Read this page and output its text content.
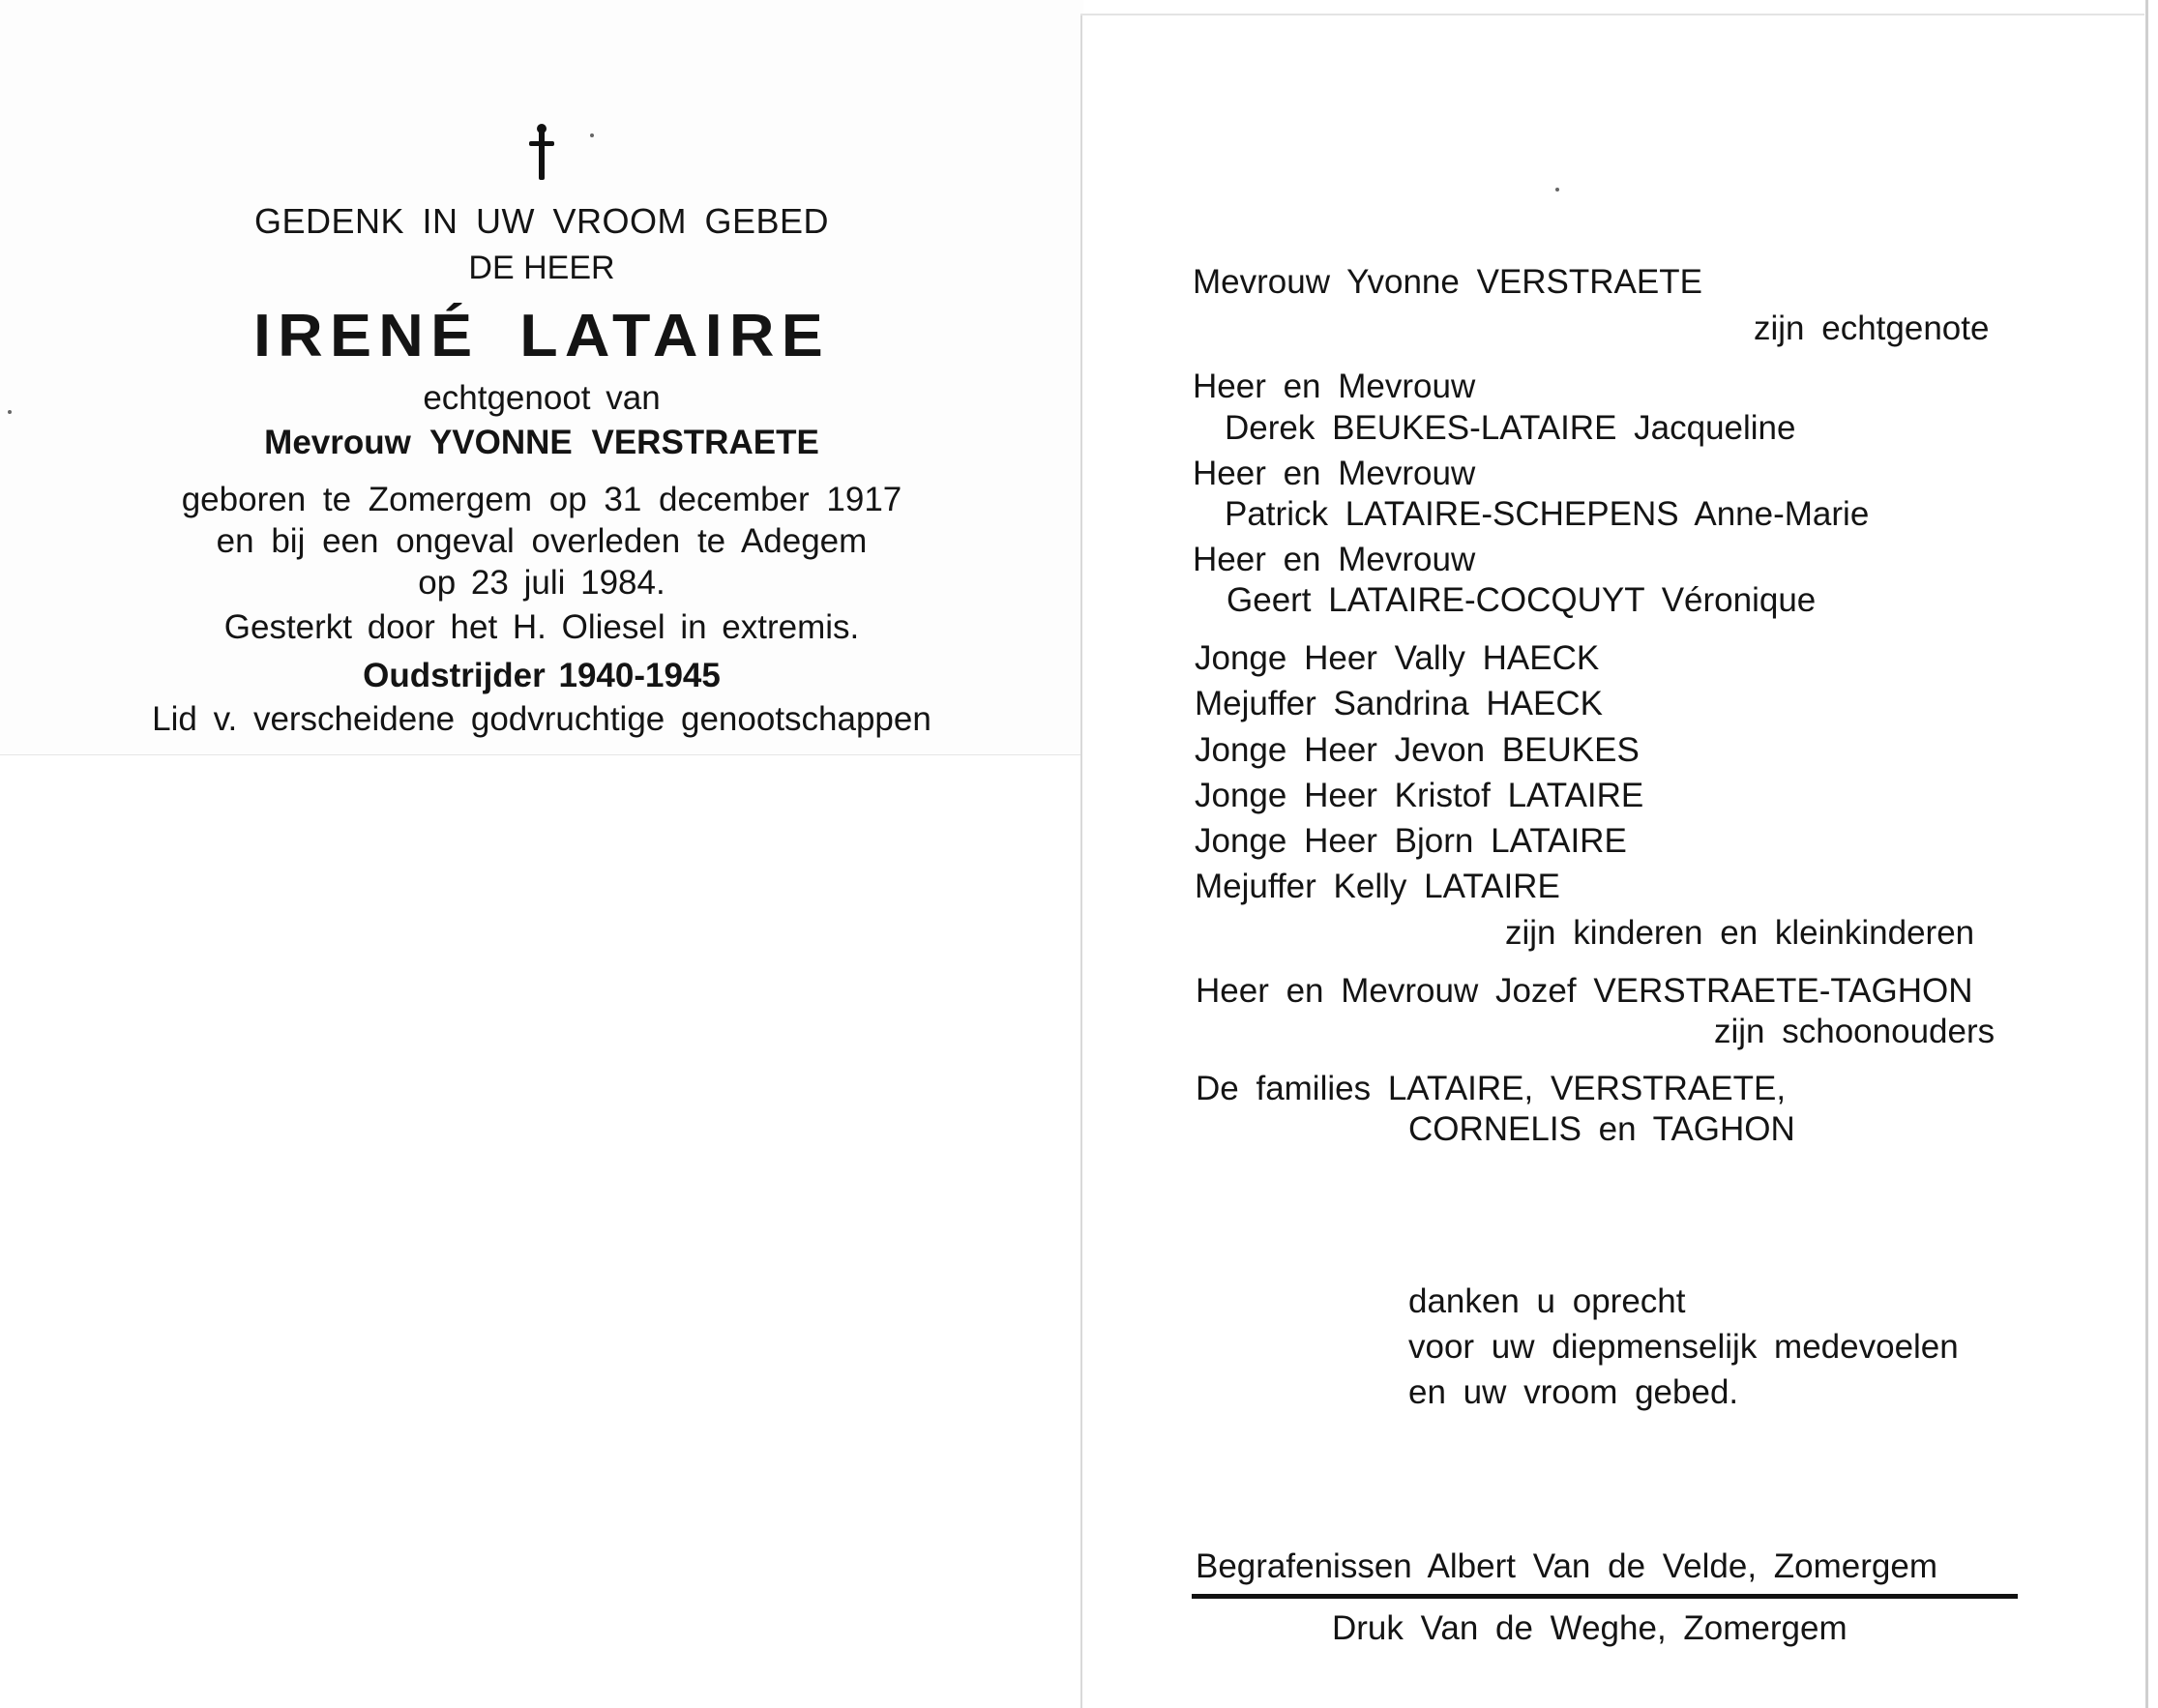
GEDENK IN UW VROOM GEBED
DE HEER
IRENÉ LATAIRE
echtgenoot van
Mevrouw YVONNE VERSTRAETE
geboren te Zomergem op 31 december 1917
en bij een ongeval overleden te Adegem
op 23 juli 1984.
Gesterkt door het H. Oliesel in extremis.
Oudstrijder 1940-1945
Lid v. verscheidene godvruchtige genootschappen
Mevrouw Yvonne VERSTRAETE
zijn echtgenote
Heer en Mevrouw
Derek BEUKES-LATAIRE Jacqueline
Heer en Mevrouw
Patrick LATAIRE-SCHEPENS Anne-Marie
Heer en Mevrouw
Geert LATAIRE-COCQUYT Véronique
Jonge Heer Vally HAECK
Mejuffer Sandrina HAECK
Jonge Heer Jevon BEUKES
Jonge Heer Kristof LATAIRE
Jonge Heer Bjorn LATAIRE
Mejuffer Kelly LATAIRE
zijn kinderen en kleinkinderen
Heer en Mevrouw Jozef VERSTRAETE-TAGHON
zijn schoonouders
De families LATAIRE, VERSTRAETE,
CORNELIS en TAGHON
danken u oprecht
voor uw diepmenselijk medevoelen
en uw vroom gebed.
Begrafenissen Albert Van de Velde, Zomergem
Druk Van de Weghe, Zomergem
